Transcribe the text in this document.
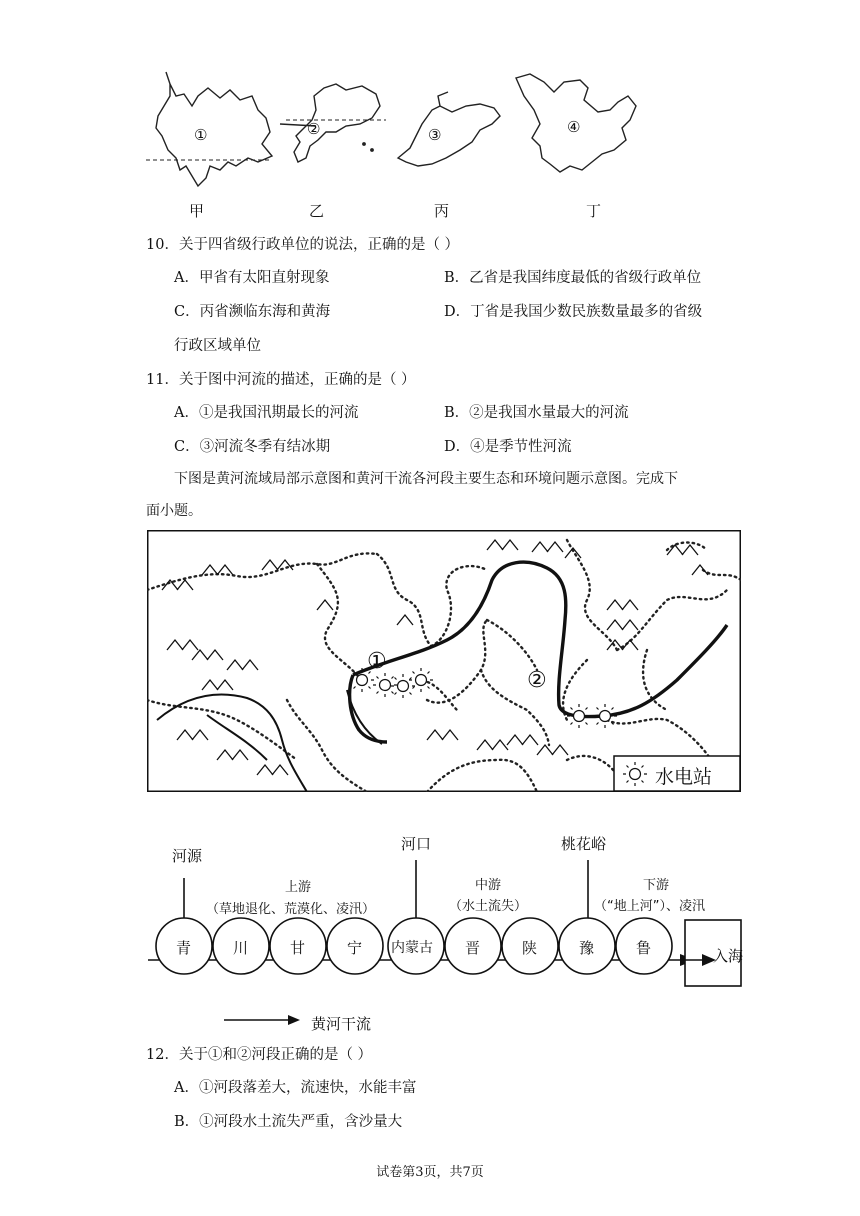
①	②	③	④
甲	乙	丙	丁
10．关于四省级行政单位的说法，正确的是（ ）
A．甲省有太阳直射现象	B．乙省是我国纬度最低的省级行政单位
C．丙省濒临东海和黄海	D．丁省是我国少数民族数量最多的省级
行政区域单位
11．关于图中河流的描述，正确的是（ ）
A．①是我国汛期最长的河流	B．②是我国水量最大的河流
C．③河流冬季有结冰期	D．④是季节性河流
下图是黄河流域局部示意图和黄河干流各河段主要生态和环境问题示意图。完成下
面小题。
①
②
水电站
河源
河口	桃花峪
上游
（草地退化、荒漠化、凌汛）
中游
（水土流失）
下游
（“地上河”）、凌汛
青	川	甘	宁 内蒙古 晋	陕	豫	鲁	入海
黄河干流
12．关于①和②河段正确的是（ ）
A．①河段落差大，流速快，水能丰富
B．①河段水土流失严重，含沙量大
试卷第3页，共7页
